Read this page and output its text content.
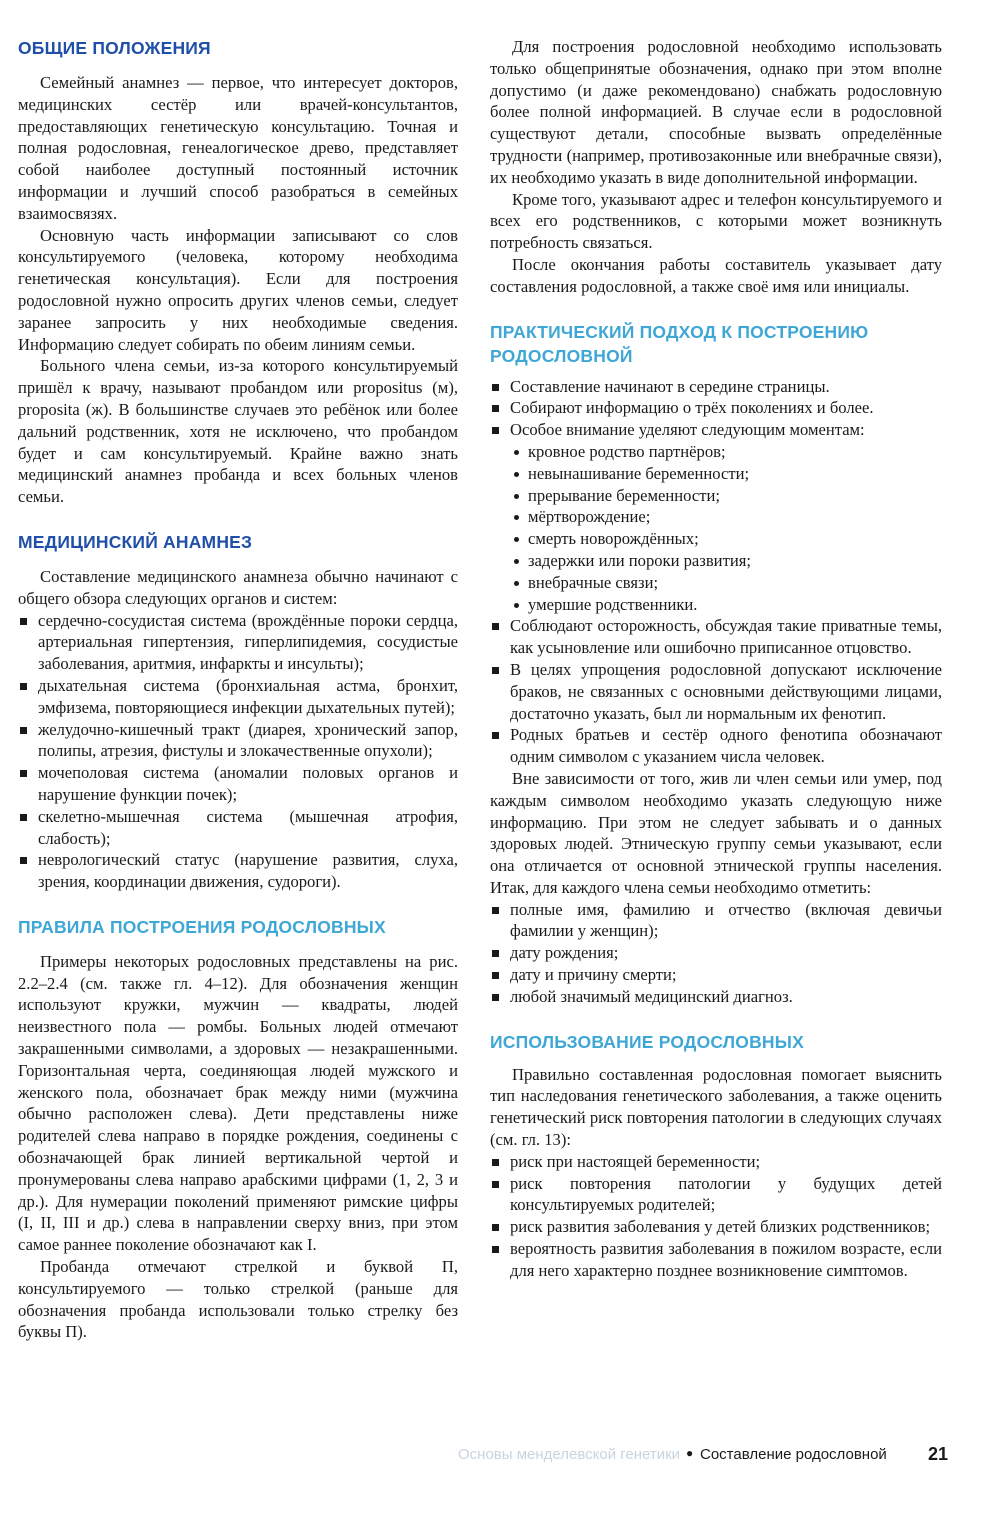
ОБЩИЕ ПОЛОЖЕНИЯ

Семейный анамнез — первое, что интересует докторов, медицинских сестёр или врачей-консультантов, предоставляющих генетическую консультацию. Точная и полная родословная, генеалогическое древо, представляет собой наиболее доступный постоянный источник информации и лучший способ разобраться в семейных взаимосвязях.

Основную часть информации записывают со слов консультируемого (человека, которому необходима генетическая консультация). Если для построения родословной нужно опросить других членов семьи, следует заранее запросить у них необходимые сведения. Информацию следует собирать по обеим линиям семьи.

Больного члена семьи, из-за которого консультируемый пришёл к врачу, называют пробандом или propositus (м), proposita (ж). В большинстве случаев это ребёнок или более дальний родственник, хотя не исключено, что пробандом будет и сам консультируемый. Крайне важно знать медицинский анамнез пробанда и всех больных членов семьи.

МЕДИЦИНСКИЙ АНАМНЕЗ

Составление медицинского анамнеза обычно начинают с общего обзора следующих органов и систем:

сердечно-сосудистая система (врождённые пороки сердца, артериальная гипертензия, гиперлипидемия, сосудистые заболевания, аритмия, инфаркты и инсульты);
дыхательная система (бронхиальная астма, бронхит, эмфизема, повторяющиеся инфекции дыхательных путей);
желудочно-кишечный тракт (диарея, хронический запор, полипы, атрезия, фистулы и злокачественные опухоли);
мочеполовая система (аномалии половых органов и нарушение функции почек);
скелетно-мышечная система (мышечная атрофия, слабость);
неврологический статус (нарушение развития, слуха, зрения, координации движения, судороги).
ПРАВИЛА ПОСТРОЕНИЯ РОДОСЛОВНЫХ

Примеры некоторых родословных представлены на рис. 2.2–2.4 (см. также гл. 4–12). Для обозначения женщин используют кружки, мужчин — квадраты, людей неизвестного пола — ромбы. Больных людей отмечают закрашенными символами, а здоровых — незакрашенными. Горизонтальная черта, соединяющая людей мужского и женского пола, обозначает брак между ними (мужчина обычно расположен слева). Дети представлены ниже родителей слева направо в порядке рождения, соединены с обозначающей брак линией вертикальной чертой и пронумерованы слева направо арабскими цифрами (1, 2, 3 и др.). Для нумерации поколений применяют римские цифры (I, II, III и др.) слева в направлении сверху вниз, при этом самое раннее поколение обозначают как I.

Пробанда отмечают стрелкой и буквой П, консультируемого — только стрелкой (раньше для обозначения пробанда использовали только стрелку без буквы П).

Для построения родословной необходимо использовать только общепринятые обозначения, однако при этом вполне допустимо (и даже рекомендовано) снабжать родословную более полной информацией. В случае если в родословной существуют детали, способные вызвать определённые трудности (например, противозаконные или внебрачные связи), их необходимо указать в виде дополнительной информации.

Кроме того, указывают адрес и телефон консультируемого и всех его родственников, с которыми может возникнуть потребность связаться.

После окончания работы составитель указывает дату составления родословной, а также своё имя или инициалы.

ПРАКТИЧЕСКИЙ ПОДХОД К ПОСТРОЕНИЮ РОДОСЛОВНОЙ
Составление начинают в середине страницы.
Собирают информацию о трёх поколениях и более.
Особое внимание уделяют следующим моментам:
кровное родство партнёров;
невынашивание беременности;
прерывание беременности;
мёртворождение;
смерть новорождённых;
задержки или пороки развития;
внебрачные связи;
умершие родственники.
Соблюдают осторожность, обсуждая такие приватные темы, как усыновление или ошибочно приписанное отцовство.
В целях упрощения родословной допускают исключение браков, не связанных с основными действующими лицами, достаточно указать, был ли нормальным их фенотип.
Родных братьев и сестёр одного фенотипа обозначают одним символом с указанием числа человек.

Вне зависимости от того, жив ли член семьи или умер, под каждым символом необходимо указать следующую ниже информацию. При этом не следует забывать и о данных здоровых людей. Этническую группу семьи указывают, если она отличается от основной этнической группы населения. Итак, для каждого члена семьи необходимо отметить:

полные имя, фамилию и отчество (включая девичьи фамилии у женщин);
дату рождения;
дату и причину смерти;
любой значимый медицинский диагноз.
ИСПОЛЬЗОВАНИЕ РОДОСЛОВНЫХ

Правильно составленная родословная помогает выяснить тип наследования генетического заболевания, а также оценить генетический риск повторения патологии в следующих случаях (см. гл. 13):

риск при настоящей беременности;
риск повторения патологии у будущих детей консультируемых родителей;
риск развития заболевания у детей близких родственников;
вероятность развития заболевания в пожилом возрасте, если для него характерно позднее возникновение симптомов.
Основы менделевской генетики ● Составление родословной 21
